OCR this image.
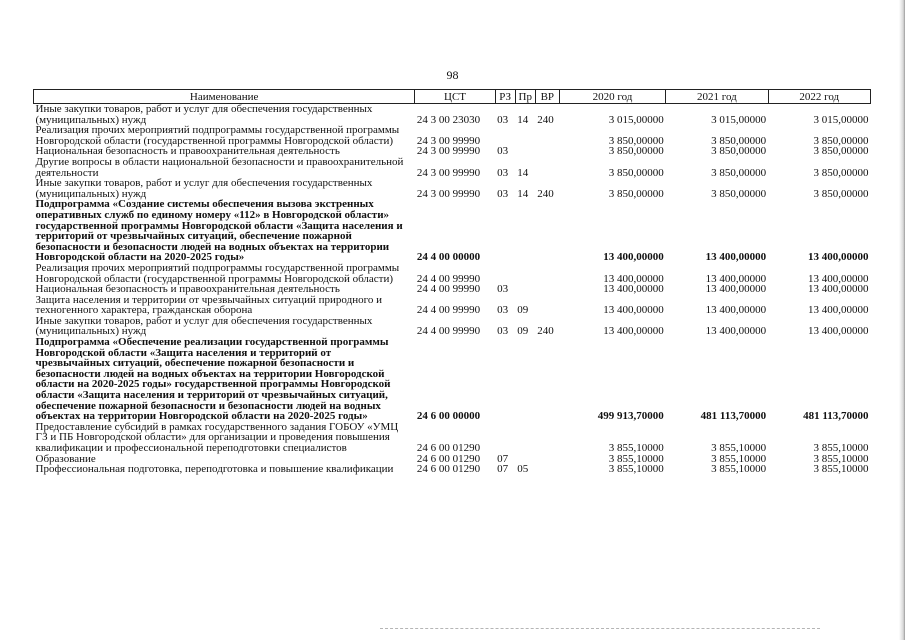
98
Наименование	ЦСТ	РЗ	Пр	ВР	2020 год	2021 год	2022 год
Иные закупки товаров, работ и услуг для обеспечения государственных (муниципальных) нужд	24 3 00 23030	03	14	240	3 015,00000	3 015,00000	3 015,00000
Реализация прочих мероприятий подпрограммы государственной программы Новгородской области (государственной программы Новгородской области)	24 3 00 99990				3 850,00000	3 850,00000	3 850,00000
Национальная безопасность и правоохранительная деятельность	24 3 00 99990	03			3 850,00000	3 850,00000	3 850,00000
Другие вопросы в области национальной безопасности и правоохранительной деятельности	24 3 00 99990	03	14		3 850,00000	3 850,00000	3 850,00000
Иные закупки товаров, работ и услуг для обеспечения государственных (муниципальных) нужд	24 3 00 99990	03	14	240	3 850,00000	3 850,00000	3 850,00000
Подпрограмма «Создание системы обеспечения вызова экстренных оперативных служб по единому номеру «112» в Новгородской области» государственной программы Новгородской области «Защита населения и территорий от чрезвычайных ситуаций, обеспечение пожарной безопасности и безопасности людей на водных объектах на территории Новгородской области на 2020-2025 годы»	24 4 00 00000				13 400,00000	13 400,00000	13 400,00000
Реализация прочих мероприятий подпрограммы государственной программы Новгородской области (государственной программы Новгородской области)	24 4 00 99990				13 400,00000	13 400,00000	13 400,00000
Национальная безопасность и правоохранительная деятельность	24 4 00 99990	03			13 400,00000	13 400,00000	13 400,00000
Защита населения и территории от чрезвычайных ситуаций природного и техногенного характера, гражданская оборона	24 4 00 99990	03	09		13 400,00000	13 400,00000	13 400,00000
Иные закупки товаров, работ и услуг для обеспечения государственных (муниципальных) нужд	24 4 00 99990	03	09	240	13 400,00000	13 400,00000	13 400,00000
Подпрограмма «Обеспечение реализации государственной программы Новгородской области «Защита населения и территорий от чрезвычайных ситуаций, обеспечение пожарной безопасности и безопасности людей на водных объектах на территории Новгородской области на 2020-2025 годы» государственной программы Новгородской области «Защита населения и территорий от чрезвычайных ситуаций, обеспечение пожарной безопасности и безопасности людей на водных объектах на территории Новгородской области на 2020-2025 годы»	24 6 00 00000				499 913,70000	481 113,70000	481 113,70000
Предоставление субсидий в рамках государственного задания ГОБОУ «УМЦ ГЗ и ПБ Новгородской области» для организации и проведения повышения квалификации и профессиональной переподготовки специалистов	24 6 00 01290				3 855,10000	3 855,10000	3 855,10000
Образование	24 6 00 01290	07			3 855,10000	3 855,10000	3 855,10000
Профессиональная подготовка, переподготовка и повышение квалификации	24 6 00 01290	07	05		3 855,10000	3 855,10000	3 855,10000
